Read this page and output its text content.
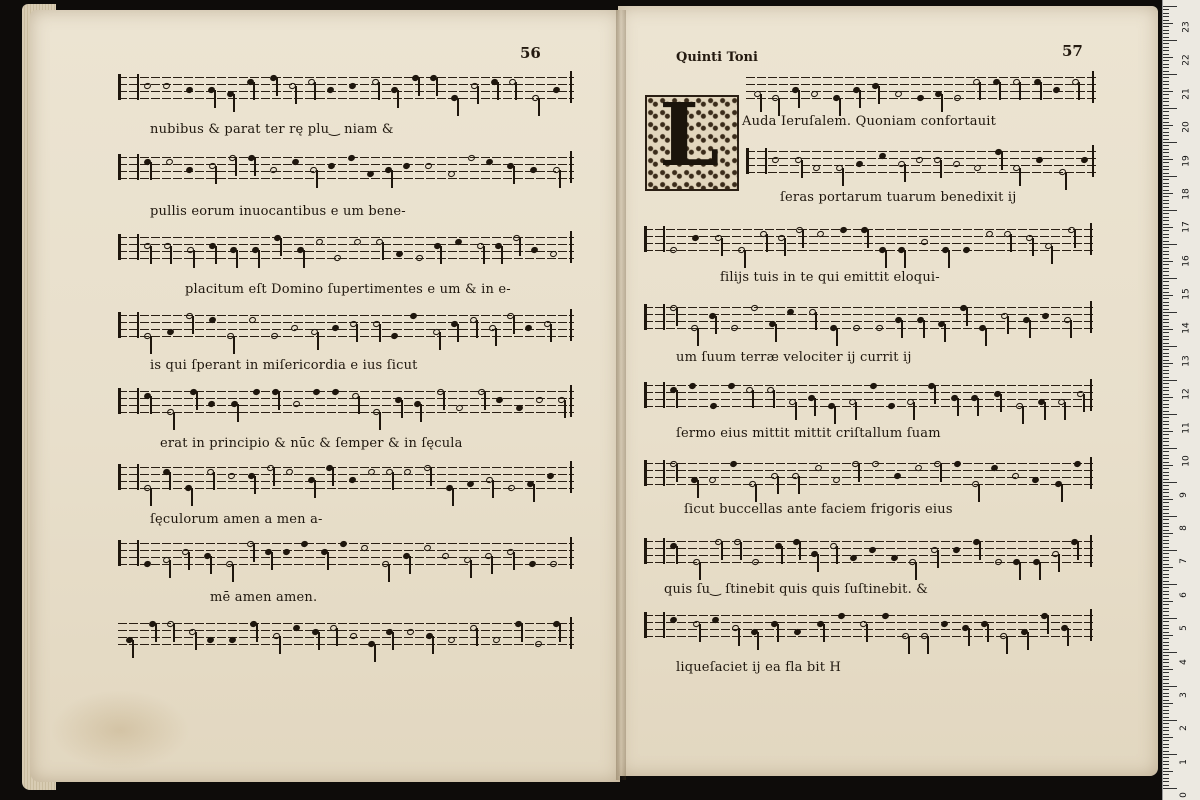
56	Quinti Toni	57
L
nubibus & parat ter rę plu‿ niam &
pullis eorum inuocantibus e um bene-
placitum eſt Domino ſupertimentes e um & in e-
is qui ſperant in miſericordia e ius ſicut
erat in principio & nūc & ſemper & in ſęcula
ſęculorum amen a men a-
mē amen amen.
Auda Ieruſalem. Quoniam confortauit
ſeras portarum tuarum benedixit ij
filijs tuis in te qui emittit eloqui-
um ſuum terræ velociter ij currit ij
ſermo eius mittit mittit criſtallum ſuam
ſicut buccellas ante faciem frigoris eius
quis ſu‿ ſtinebit quis quis ſuſtinebit. &
liqueſaciet ij ea fla bit H
23
22
21
20
19
18
17
16
15
14
13
12
11
10
9
8
7
6
5
4
3
2
1
0
